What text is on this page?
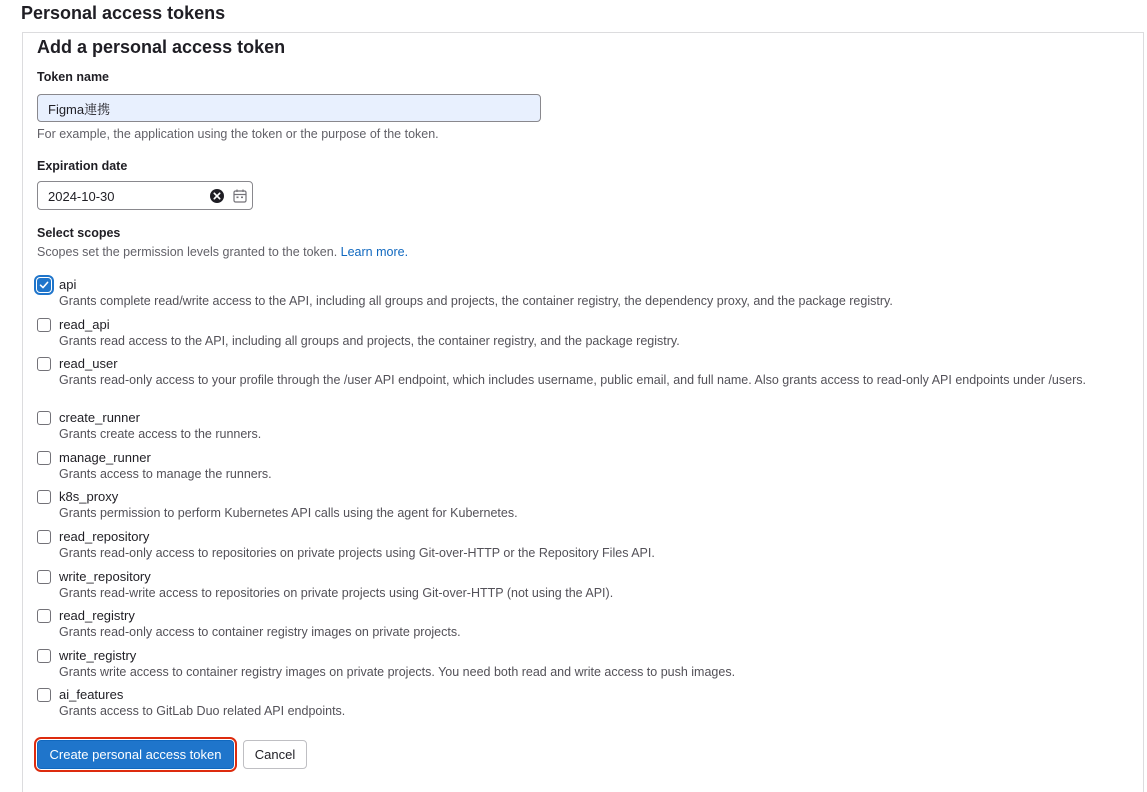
Personal access tokens
Add a personal access token
Token name
Figma連携
For example, the application using the token or the purpose of the token.
Expiration date
2024-10-30
Select scopes
Scopes set the permission levels granted to the token. Learn more.
api
Grants complete read/write access to the API, including all groups and projects, the container registry, the dependency proxy, and the package registry.
read_api
Grants read access to the API, including all groups and projects, the container registry, and the package registry.
read_user
Grants read-only access to your profile through the /user API endpoint, which includes username, public email, and full name. Also grants access to read-only API endpoints under /users.
create_runner
Grants create access to the runners.
manage_runner
Grants access to manage the runners.
k8s_proxy
Grants permission to perform Kubernetes API calls using the agent for Kubernetes.
read_repository
Grants read-only access to repositories on private projects using Git-over-HTTP or the Repository Files API.
write_repository
Grants read-write access to repositories on private projects using Git-over-HTTP (not using the API).
read_registry
Grants read-only access to container registry images on private projects.
write_registry
Grants write access to container registry images on private projects. You need both read and write access to push images.
ai_features
Grants access to GitLab Duo related API endpoints.
Create personal access token	Cancel
